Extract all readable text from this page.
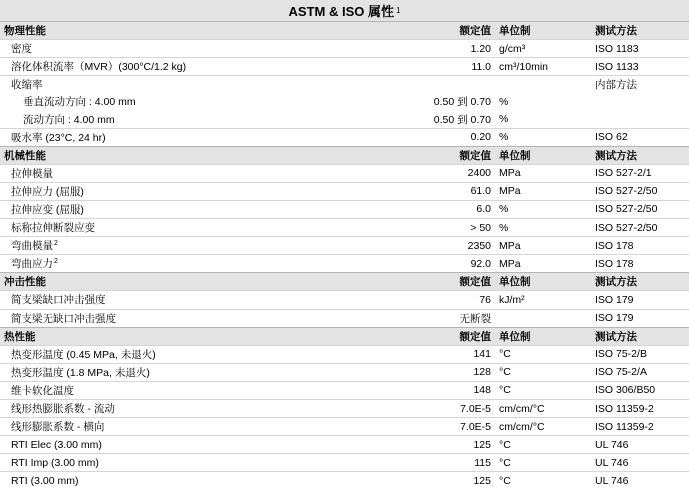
ASTM & ISO 属性 1
物理性能	额定值	单位制	测试方法
密度	1.20	g/cm³	ISO 1183
溶化体积流率（MVR）(300°C/1.2 kg)	11.0	cm³/10min	ISO 1133
收缩率			内部方法
垂直流动方向 : 4.00 mm	0.50 到 0.70	%	
流动方向 : 4.00 mm	0.50 到 0.70	%	
吸水率 (23°C, 24 hr)	0.20	%	ISO 62
机械性能	额定值	单位制	测试方法
拉伸模量	2400	MPa	ISO 527-2/1
拉伸应力 (屈服)	61.0	MPa	ISO 527-2/50
拉伸应变 (屈服)	6.0	%	ISO 527-2/50
标称拉伸断裂应变	> 50	%	ISO 527-2/50
弯曲模量$^2$	2350	MPa	ISO 178
弯曲应力$^2$	92.0	MPa	ISO 178
冲击性能	额定值	单位制	测试方法
简支梁缺口冲击强度	76	kJ/m²	ISO 179
简支梁无缺口冲击强度	无断裂		ISO 179
热性能	额定值	单位制	测试方法
热变形温度 (0.45 MPa, 未退火)	141	°C	ISO 75-2/B
热变形温度 (1.8 MPa, 未退火)	128	°C	ISO 75-2/A
维卡软化温度	148	°C	ISO 306/B50
线形热膨胀系数 - 流动	7.0E-5	cm/cm/°C	ISO 11359-2
线形膨胀系数 - 横向	7.0E-5	cm/cm/°C	ISO 11359-2
RTI Elec (3.00 mm)	125	°C	UL 746
RTI Imp (3.00 mm)	115	°C	UL 746
RTI (3.00 mm)	125	°C	UL 746
